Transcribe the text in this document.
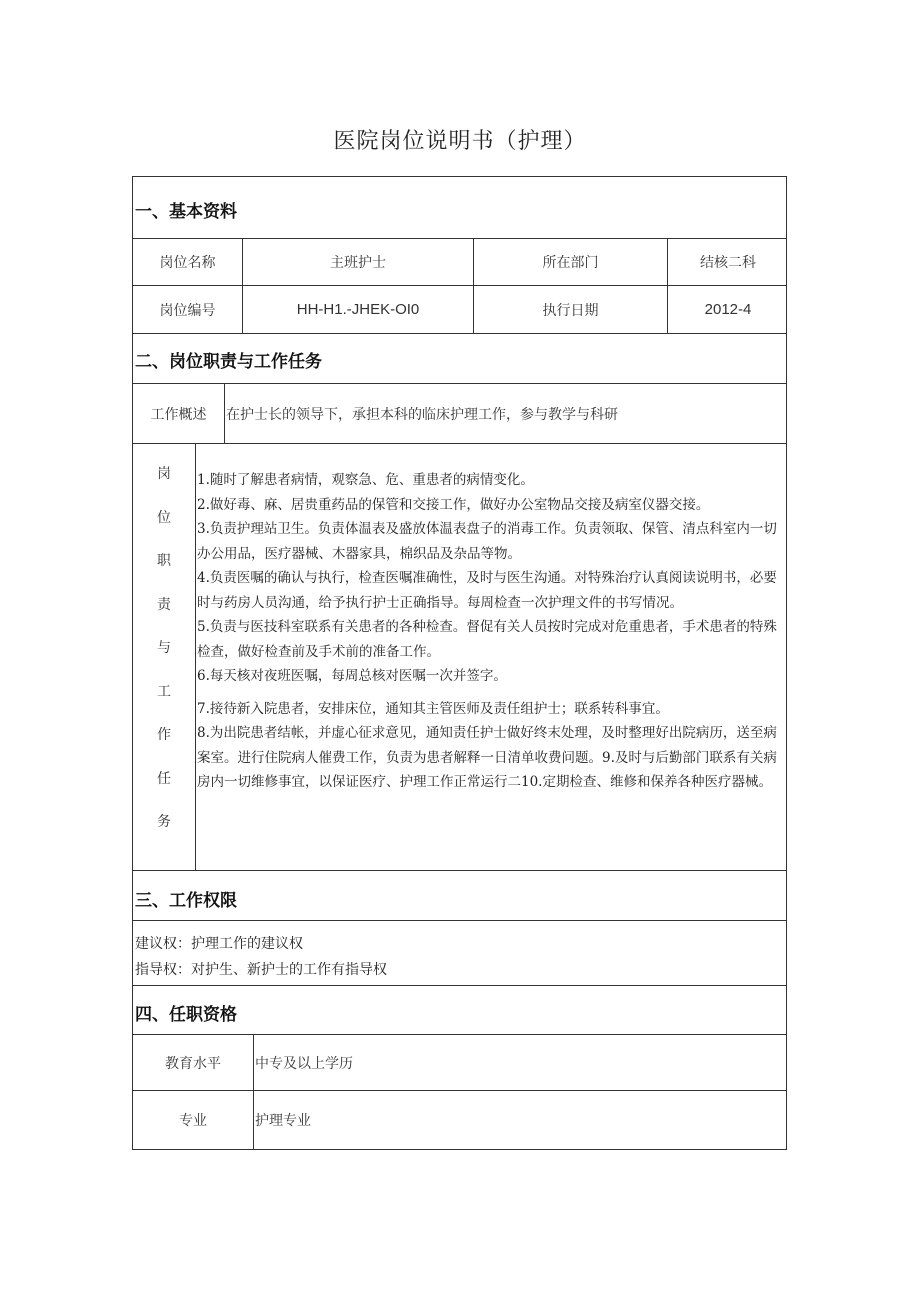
医院岗位说明书（护理）
一、基本资料
岗位名称	主班护士	所在部门	结核二科
岗位编号	HH-H1.-JHEK-OI0	执行日期	2012-4
二、岗位职责与工作任务
工作概述	在护士长的领导下，承担本科的临床护理工作，参与教学与科研
岗
位
职
责
与
工
作
任
务

1.随时了解患者病情，观察急、危、重患者的病情变化。

2.做好毒、麻、居贵重药品的保管和交接工作，做好办公室物品交接及病室仪器交接。

3.负责护理站卫生。负责体温表及盛放体温表盘子的消毒工作。负责领取、保管、清点科室内一切办公用品，医疗器械、木器家具，棉织品及杂品等物。

4.负责医嘱的确认与执行，检查医嘱准确性，及时与医生沟通。对特殊治疗认真阅读说明书，必要时与药房人员沟通，给予执行护士正确指导。每周检查一次护理文件的书写情况。

5.负责与医技科室联系有关患者的各种检查。督促有关人员按时完成对危重患者，手术患者的特殊检查，做好检查前及手术前的准备工作。

6.每天核对夜班医嘱，每周总核对医嘱一次并签字。

7.接待新入院患者，安排床位，通知其主管医师及责任组护士；联系转科事宜。

8.为出院患者结帐，并虚心征求意见，通知责任护士做好终末处理，及时整理好出院病历，送至病案室。进行住院病人催费工作，负责为患者解释一日清单收费问题。9.及时与后勤部门联系有关病房内一切维修事宜，以保证医疗、护理工作正常运行二10.定期检查、维修和保养各种医疗器械。

三、工作权限
建议权：护理工作的建议权
指导权：对护生、新护士的工作有指导权
四、任职资格
教育水平	中专及以上学历
专业	护理专业
